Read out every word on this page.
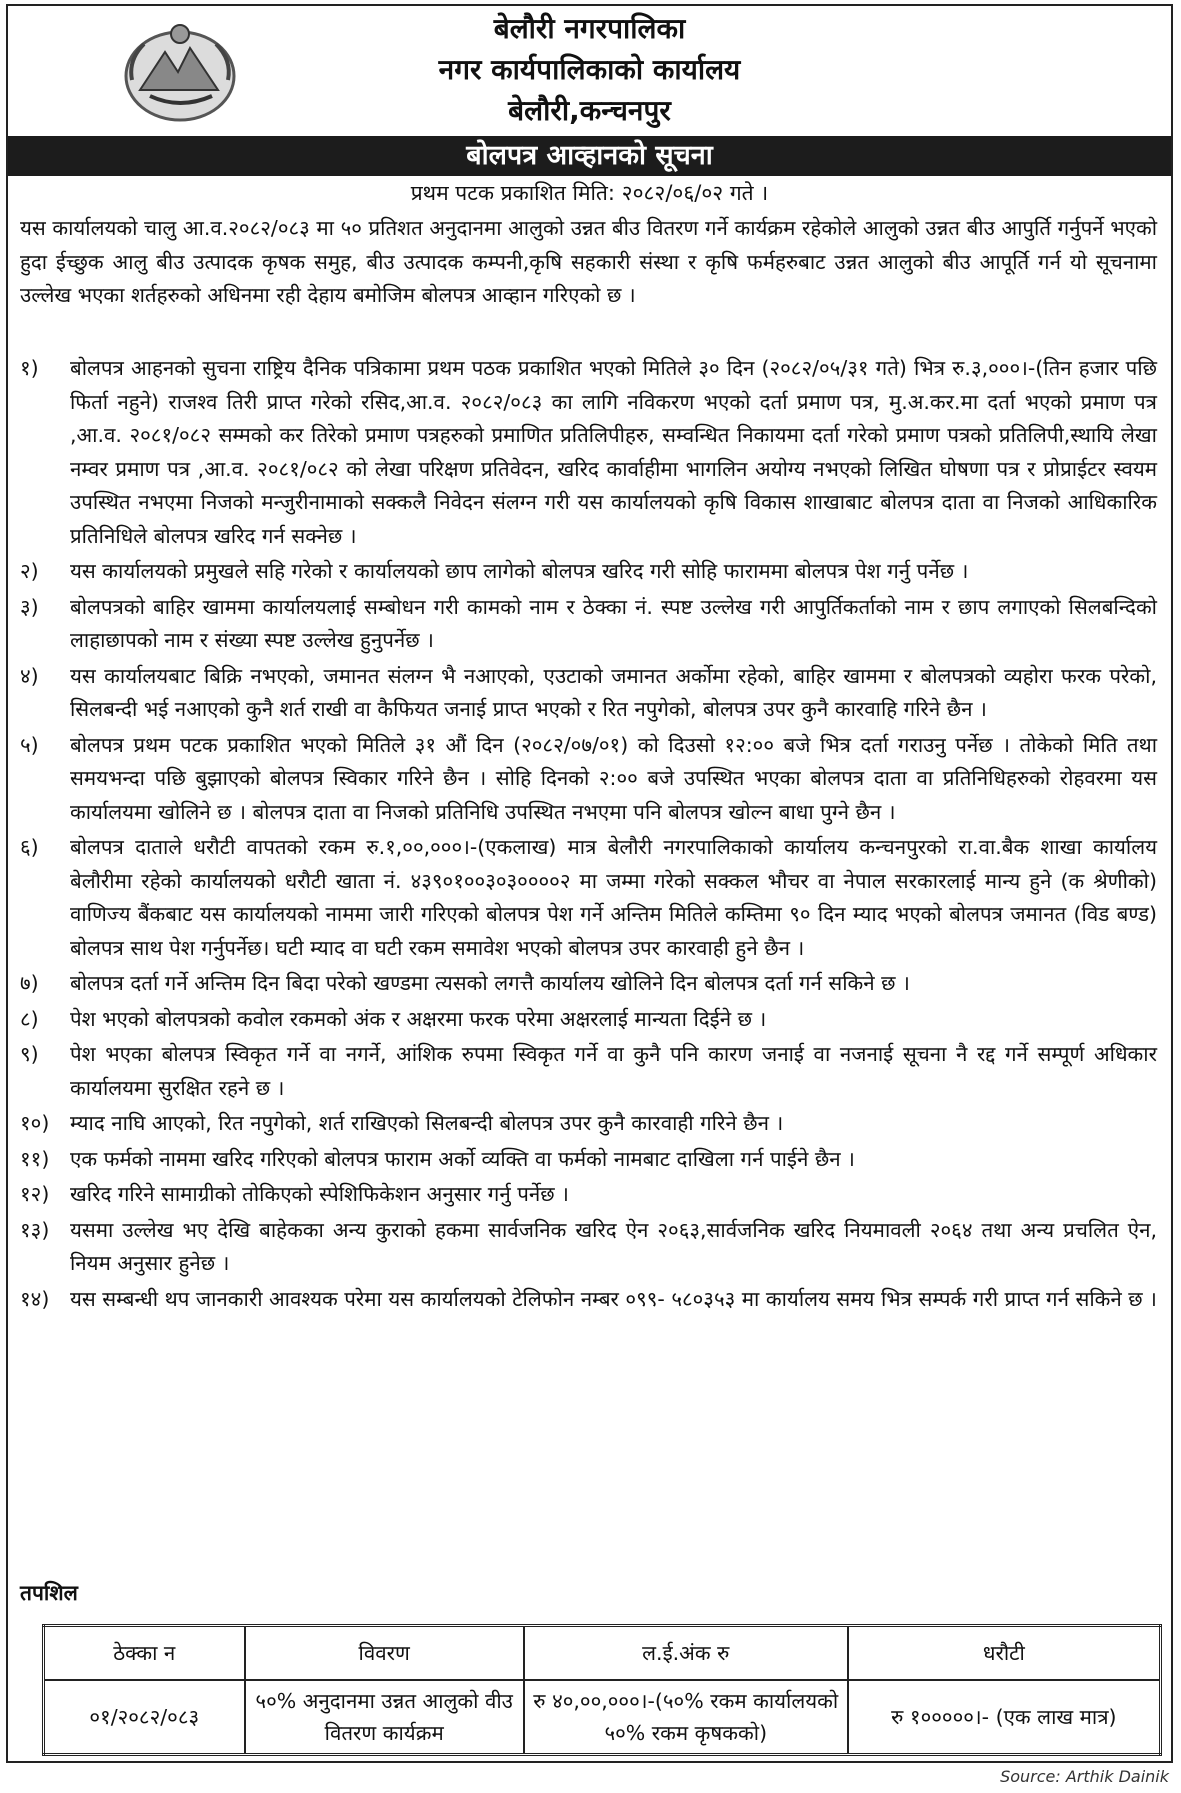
बेलौरी नगरपालिका
नगर कार्यपालिकाको कार्यालय
बेलौरी,कन्चनपुर
बोलपत्र आव्हानको सूचना
प्रथम पटक प्रकाशित मिति: २०८२/०६/०२ गते ।
यस कार्यालयको चालु आ.व.२०८२/०८३ मा ५० प्रतिशत अनुदानमा आलुको उन्नत बीउ वितरण गर्ने कार्यक्रम रहेकोले आलुको उन्नत बीउ आपुर्ति गर्नुपर्ने भएको हुदा ईच्छुक आलु बीउ उत्पादक कृषक समुह, बीउ उत्पादक कम्पनी,कृषि सहकारी संस्था र कृषि फर्महरुबाट उन्नत आलुको बीउ आपूर्ति गर्न यो सूचनामा उल्लेख भएका शर्तहरुको अधिनमा रही देहाय बमोजिम बोलपत्र आव्हान गरिएको छ ।
१)	बोलपत्र आहनको सुचना राष्ट्रिय दैनिक पत्रिकामा प्रथम पठक प्रकाशित भएको मितिले ३० दिन (२०८२/०५/३१ गते) भित्र रु.३,०००।-(तिन हजार पछि फिर्ता नहुने) राजश्व तिरी प्राप्त गरेको रसिद,आ.व. २०८२/०८३ का लागि नविकरण भएको दर्ता प्रमाण पत्र, मु.अ.कर.मा दर्ता भएको प्रमाण पत्र ,आ.व. २०८१/०८२ सम्मको कर तिरेको प्रमाण पत्रहरुको प्रमाणित प्रतिलिपीहरु, सम्वन्धित निकायमा दर्ता गरेको प्रमाण पत्रको प्रतिलिपी,स्थायि लेखा नम्वर प्रमाण पत्र ,आ.व. २०८१/०८२ को लेखा परिक्षण प्रतिवेदन, खरिद कार्वाहीमा भागलिन अयोग्य नभएको लिखित घोषणा पत्र र प्रोप्राईटर स्वयम उपस्थित नभएमा निजको मन्जुरीनामाको सक्कलै निवेदन संलग्न गरी यस कार्यालयको कृषि विकास शाखाबाट बोलपत्र दाता वा निजको आधिकारिक प्रतिनिधिले बोलपत्र खरिद गर्न सक्नेछ ।
२)	यस कार्यालयको प्रमुखले सहि गरेको र कार्यालयको छाप लागेको बोलपत्र खरिद गरी सोहि फाराममा बोलपत्र पेश गर्नु पर्नेछ ।
३)	बोलपत्रको बाहिर खाममा कार्यालयलाई सम्बोधन गरी कामको नाम र ठेक्का नं. स्पष्ट उल्लेख गरी आपुर्तिकर्ताको नाम र छाप लगाएको सिलबन्दिको लाहाछापको नाम र संख्या स्पष्ट उल्लेख हुनुपर्नेछ ।
४)	यस कार्यालयबाट बिक्रि नभएको, जमानत संलग्न भै नआएको, एउटाको जमानत अर्कोमा रहेको, बाहिर खाममा र बोलपत्रको व्यहोरा फरक परेको, सिलबन्दी भई नआएको कुनै शर्त राखी वा कैफियत जनाई प्राप्त भएको र रित नपुगेको, बोलपत्र उपर कुनै कारवाहि गरिने छैन ।
५)	बोलपत्र प्रथम पटक प्रकाशित भएको मितिले ३१ औं दिन (२०८२/०७/०१) को दिउसो १२:०० बजे भित्र दर्ता गराउनु पर्नेछ । तोकेको मिति तथा समयभन्दा पछि बुझाएको बोलपत्र स्विकार गरिने छैन । सोहि दिनको २:०० बजे उपस्थित भएका बोलपत्र दाता वा प्रतिनिधिहरुको रोहवरमा यस कार्यालयमा खोलिने छ । बोलपत्र दाता वा निजको प्रतिनिधि उपस्थित नभएमा पनि बोलपत्र खोल्न बाधा पुग्ने छैन ।
६)	बोलपत्र दाताले धरौटी वापतको रकम रु.१,००,०००।-(एकलाख) मात्र बेलौरी नगरपालिकाको कार्यालय कन्चनपुरको रा.वा.बैक शाखा कार्यालय बेलौरीमा रहेको कार्यालयको धरौटी खाता नं. ४३९०१००३०३००००२ मा जम्मा गरेको सक्कल भौचर वा नेपाल सरकारलाई मान्य हुने (क श्रेणीको) वाणिज्य बैंकबाट यस कार्यालयको नाममा जारी गरिएको बोलपत्र पेश गर्ने अन्तिम मितिले कम्तिमा ९० दिन म्याद भएको बोलपत्र जमानत (विड बण्ड) बोलपत्र साथ पेश गर्नुपर्नेछ। घटी म्याद वा घटी रकम समावेश भएको बोलपत्र उपर कारवाही हुने छैन ।
७)	बोलपत्र दर्ता गर्ने अन्तिम दिन बिदा परेको खण्डमा त्यसको लगत्तै कार्यालय खोलिने दिन बोलपत्र दर्ता गर्न सकिने छ ।
८)	पेश भएको बोलपत्रको कवोल रकमको अंक र अक्षरमा फरक परेमा अक्षरलाई मान्यता दिईने छ ।
९)	पेश भएका बोलपत्र स्विकृत गर्ने वा नगर्ने, आंशिक रुपमा स्विकृत गर्ने वा कुनै पनि कारण जनाई वा नजनाई सूचना नै रद्द गर्ने सम्पूर्ण अधिकार कार्यालयमा सुरक्षित रहने छ ।
१०)	म्याद नाघि आएको, रित नपुगेको, शर्त राखिएको सिलबन्दी बोलपत्र उपर कुनै कारवाही गरिने छैन ।
११)	एक फर्मको नाममा खरिद गरिएको बोलपत्र फाराम अर्को व्यक्ति वा फर्मको नामबाट दाखिला गर्न पाईने छैन ।
१२)	खरिद गरिने सामाग्रीको तोकिएको स्पेशिफिकेशन अनुसार गर्नु पर्नेछ ।
१३)	यसमा उल्लेख भए देखि बाहेकका अन्य कुराको हकमा सार्वजनिक खरिद ऐन २०६३,सार्वजनिक खरिद नियमावली २०६४ तथा अन्य प्रचलित ऐन, नियम अनुसार हुनेछ ।
१४)	यस सम्बन्धी थप जानकारी आवश्यक परेमा यस कार्यालयको टेलिफोन नम्बर ०९९- ५८०३५३ मा कार्यालय समय भित्र सम्पर्क गरी प्राप्त गर्न सकिने छ ।
तपशिल
ठेक्का न	विवरण	ल.ई.अंक रु	धरौटी
०१/२०८२/०८३	५०% अनुदानमा उन्नत आलुको वीउ वितरण कार्यक्रम	रु ४०,००,०००।-(५०% रकम कार्यालयको ५०% रकम कृषकको)	रु १०००००।- (एक लाख मात्र)
Source: Arthik Dainik
